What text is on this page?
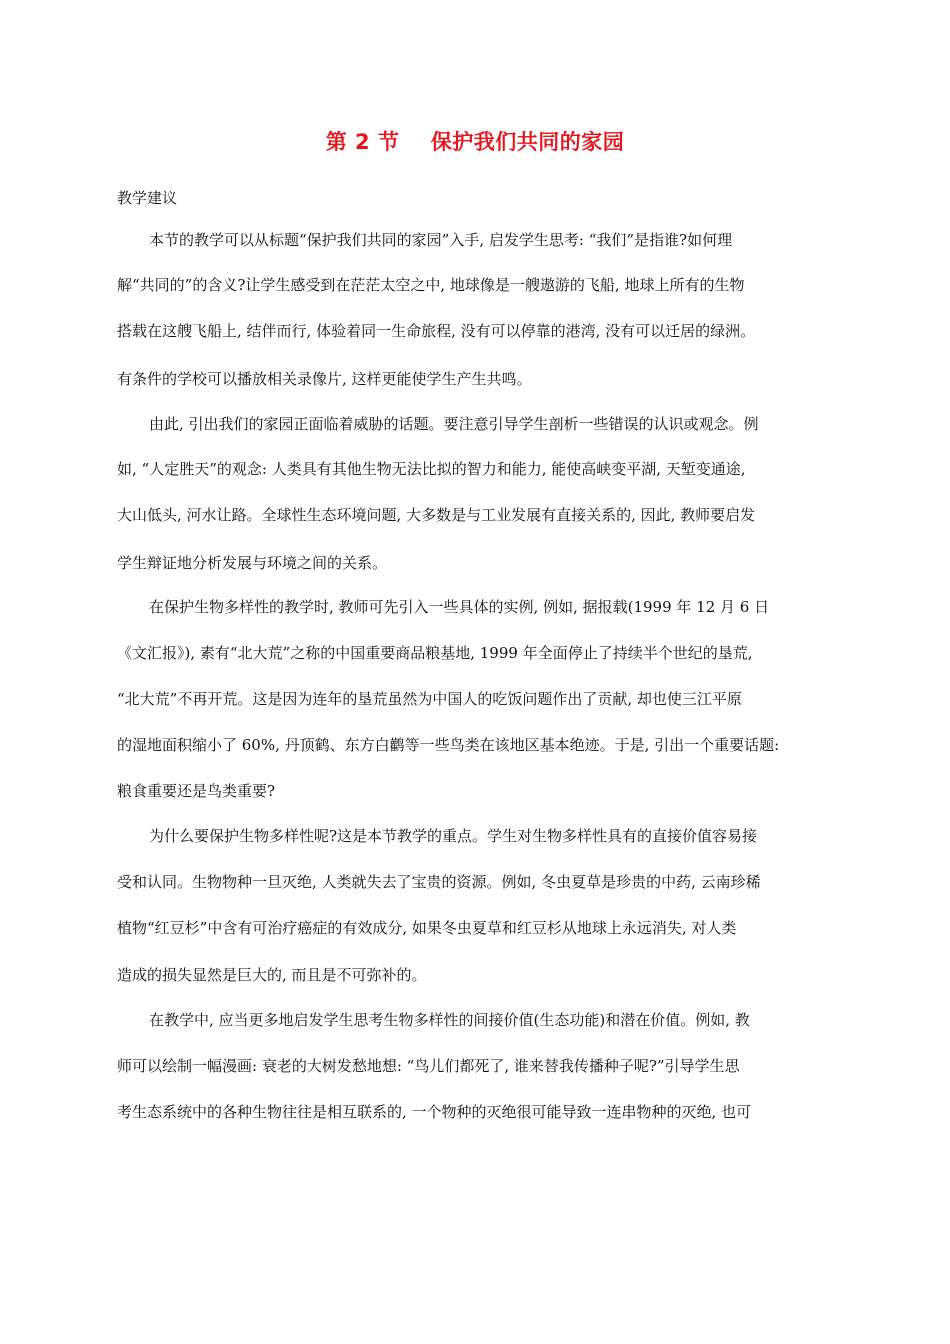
第 2 节    保护我们共同的家园
教学建议
本节的教学可以从标题“保护我们共同的家园”入手, 启发学生思考: “我们”是指谁?如何理
解“共同的”的含义?让学生感受到在茫茫太空之中, 地球像是一艘遨游的飞船, 地球上所有的生物
搭载在这艘飞船上, 结伴而行, 体验着同一生命旅程, 没有可以停靠的港湾, 没有可以迁居的绿洲。
有条件的学校可以播放相关录像片, 这样更能使学生产生共鸣。
由此, 引出我们的家园正面临着威胁的话题。要注意引导学生剖析一些错误的认识或观念。例
如, “人定胜天”的观念: 人类具有其他生物无法比拟的智力和能力, 能使高峡变平湖, 天堑变通途,
大山低头, 河水让路。全球性生态环境问题, 大多数是与工业发展有直接关系的, 因此, 教师要启发
学生辩证地分析发展与环境之间的关系。
在保护生物多样性的教学时, 教师可先引入一些具体的实例, 例如, 据报载(1999 年 12 月 6 日
《文汇报》), 素有“北大荒”之称的中国重要商品粮基地, 1999 年全面停止了持续半个世纪的垦荒,
“北大荒”不再开荒。这是因为连年的垦荒虽然为中国人的吃饭问题作出了贡献, 却也使三江平原
的湿地面积缩小了 60%, 丹顶鹤、东方白鹳等一些鸟类在该地区基本绝迹。于是, 引出一个重要话题:
粮食重要还是鸟类重要?
为什么要保护生物多样性呢?这是本节教学的重点。学生对生物多样性具有的直接价值容易接
受和认同。生物物种一旦灭绝, 人类就失去了宝贵的资源。例如, 冬虫夏草是珍贵的中药, 云南珍稀
植物“红豆杉”中含有可治疗癌症的有效成分, 如果冬虫夏草和红豆杉从地球上永远消失, 对人类
造成的损失显然是巨大的, 而且是不可弥补的。
在教学中, 应当更多地启发学生思考生物多样性的间接价值(生态功能)和潜在价值。例如, 教
师可以绘制一幅漫画: 衰老的大树发愁地想: “鸟儿们都死了, 谁来替我传播种子呢?”引导学生思
考生态系统中的各种生物往往是相互联系的, 一个物种的灭绝很可能导致一连串物种的灭绝, 也可
